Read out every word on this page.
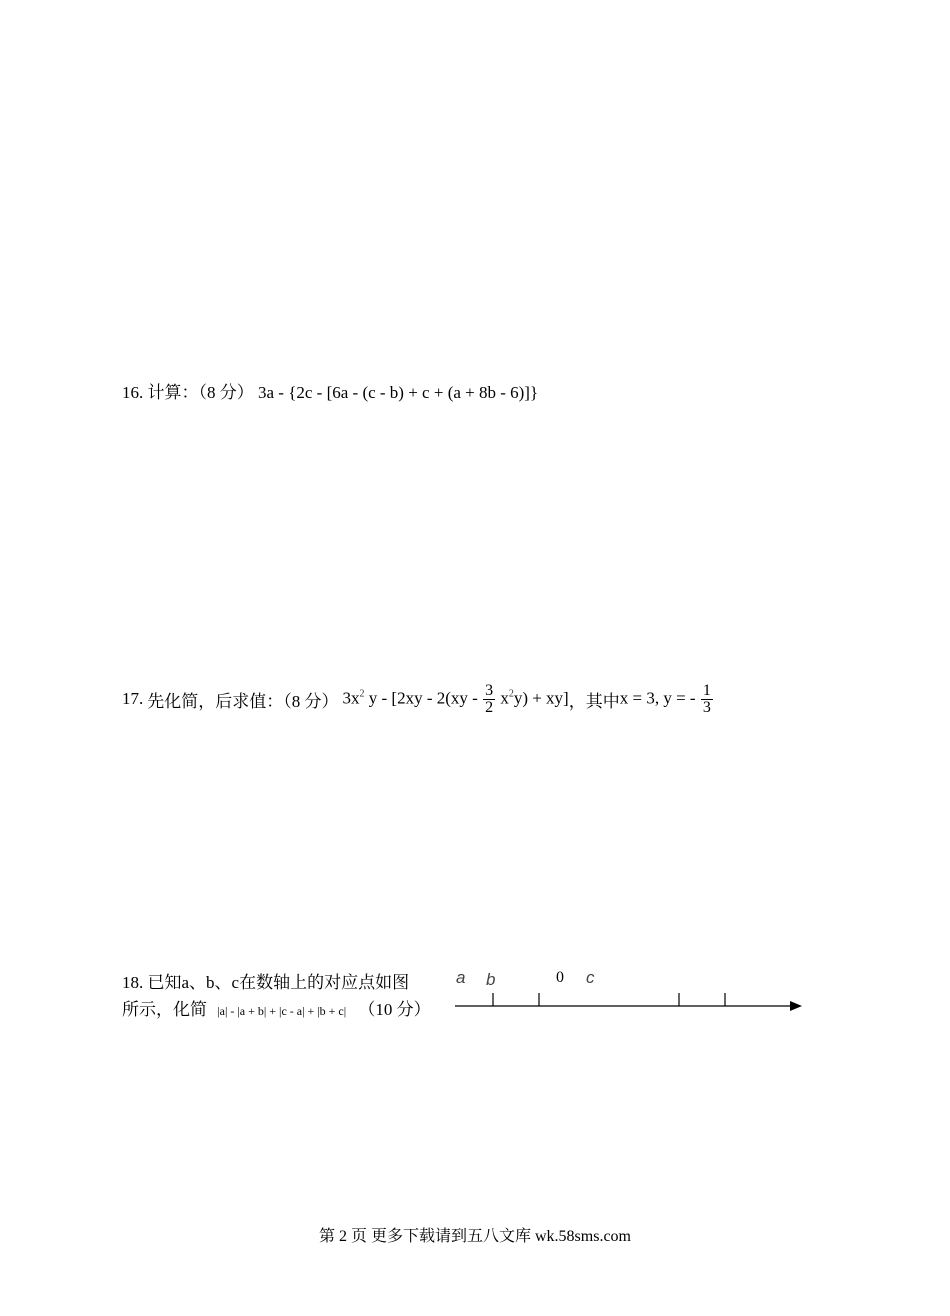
16. 计算：（8 分） 3a - {2c - [6a - (c - b) + c + (a + 8b - 6)]}
17. 先化简，后求值：（8 分） $3x^2$ $y - [2xy - 2(xy - \frac{3}{2} x^2y) + xy]$ ，其中 x = 3, y = - $\frac{1}{3}$
18. 已知a、b、c在数轴上的对应点如图
所示，化简 |a| - |a + b| + |c - a| + |b + c| （10 分）
a b	0 c
第 2 页 更多下载请到五八文库 wk.58sms.com
